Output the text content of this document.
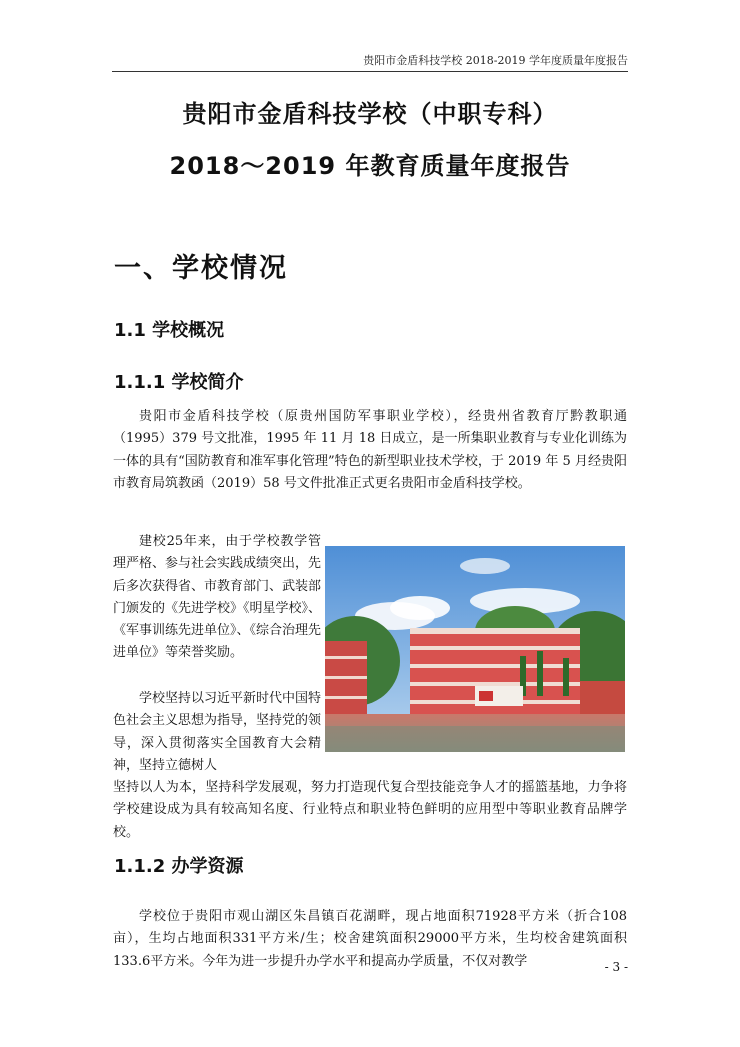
贵阳市金盾科技学校 2018-2019 学年度质量年度报告
贵阳市金盾科技学校（中职专科）
2018～2019 年教育质量年度报告
一、学校情况
1.1 学校概况
1.1.1 学校简介

贵阳市金盾科技学校（原贵州国防军事职业学校），经贵州省教育厅黔教职通（1995）379 号文批准，1995 年 11 月 18 日成立，是一所集职业教育与专业化训练为一体的具有“国防教育和准军事化管理”特色的新型职业技术学校，于 2019 年 5 月经贵阳市教育局筑教函（2019）58 号文件批准正式更名贵阳市金盾科技学校。

建校25年来，由于学校教学管理严格、参与社会实践成绩突出，先后多次获得省、市教育部门、武装部门颁发的《先进学校》《明星学校》、《军事训练先进单位》、《综合治理先进单位》等荣誉奖励。

学校坚持以习近平新时代中国特色社会主义思想为指导，坚持党的领导，深入贯彻落实全国教育大会精神，坚持立德树人

坚持以人为本，坚持科学发展观，努力打造现代复合型技能竞争人才的摇篮基地，力争将学校建设成为具有较高知名度、行业特点和职业特色鲜明的应用型中等职业教育品牌学校。

1.1.2 办学资源

学校位于贵阳市观山湖区朱昌镇百花湖畔，现占地面积71928平方米（折合108亩），生均占地面积331平方米/生；校舍建筑面积29000平方米，生均校舍建筑面积133.6平方米。今年为进一步提升办学水平和提高办学质量，不仅对教学	- 3 -
